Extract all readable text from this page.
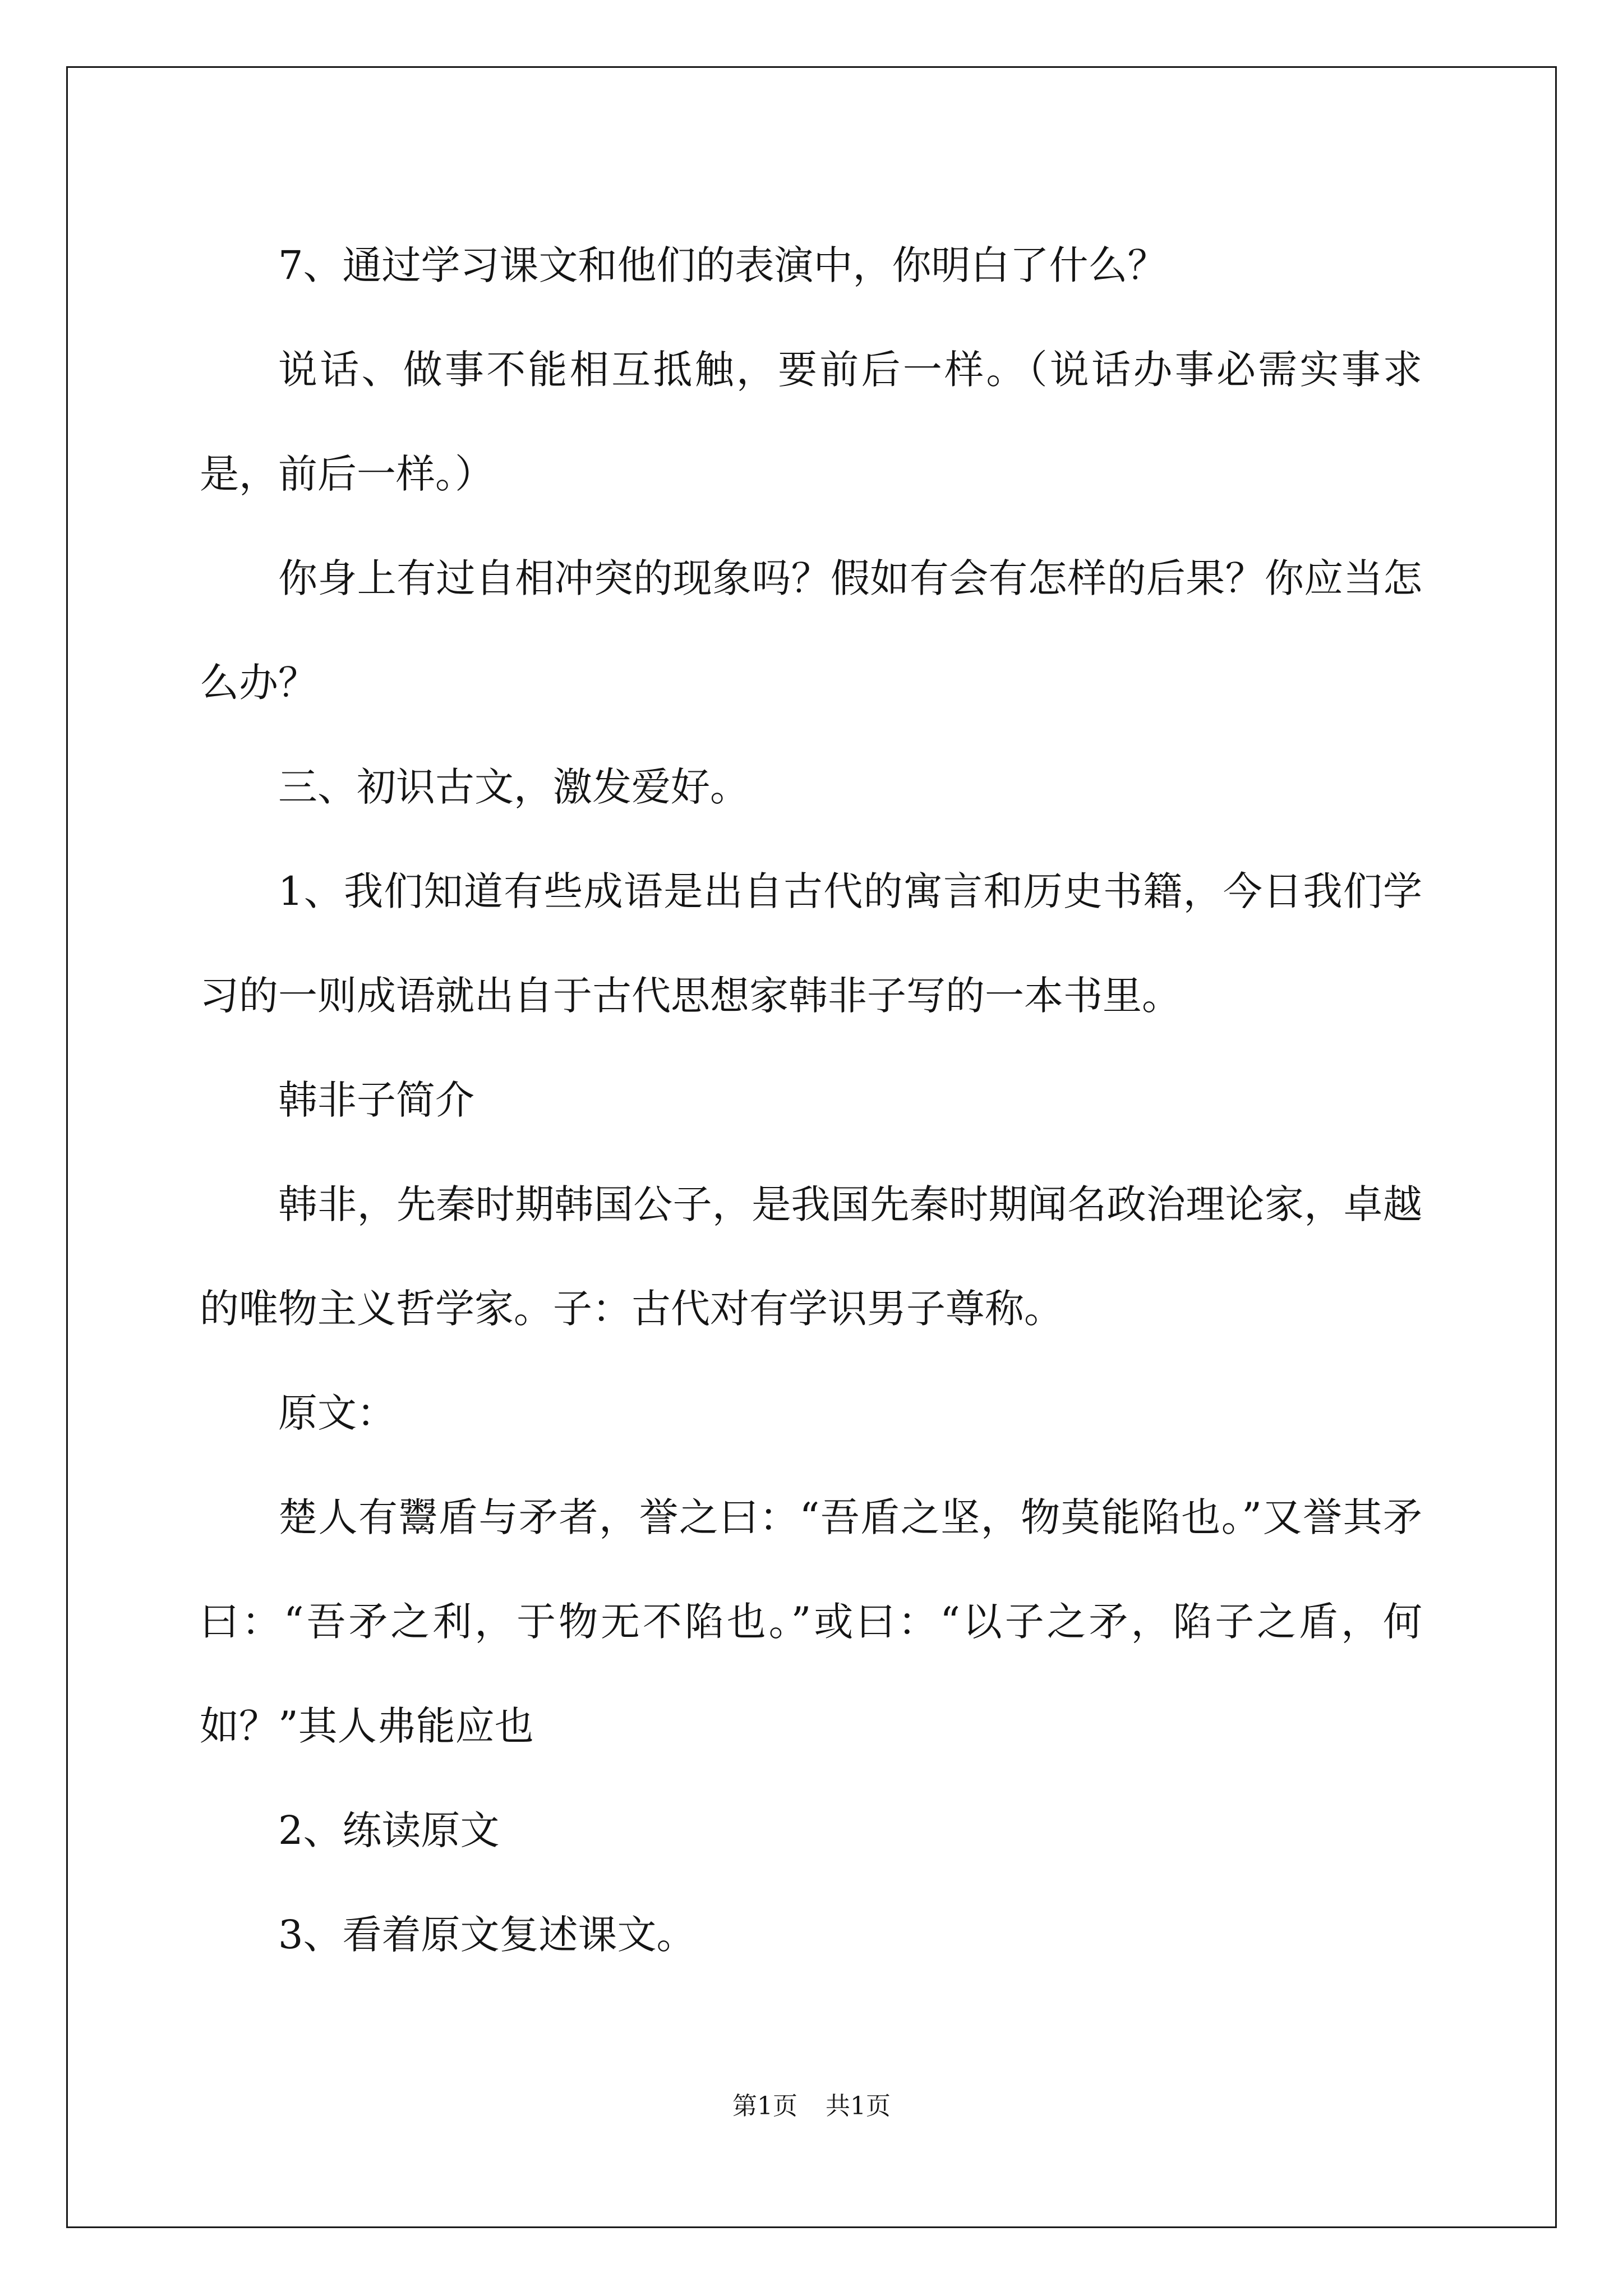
7、通过学习课文和他们的表演中，你明白了什么？

说话、做事不能相互抵触，要前后一样。（说话办事必需实事求是，前后一样。）

你身上有过自相冲突的现象吗？假如有会有怎样的后果？你应当怎么办？

三、初识古文，激发爱好。

1、我们知道有些成语是出自古代的寓言和历史书籍，今日我们学习的一则成语就出自于古代思想家韩非子写的一本书里。

韩非子简介

韩非，先秦时期韩国公子，是我国先秦时期闻名政治理论家，卓越的唯物主义哲学家。子：古代对有学识男子尊称。

原文：

楚人有鬻盾与矛者，誉之曰：“吾盾之坚，物莫能陷也。”又誉其矛曰：“吾矛之利，于物无不陷也。”或曰：“以子之矛，陷子之盾，何如？”其人弗能应也

2、练读原文

3、看着原文复述课文。

第1页 共1页
